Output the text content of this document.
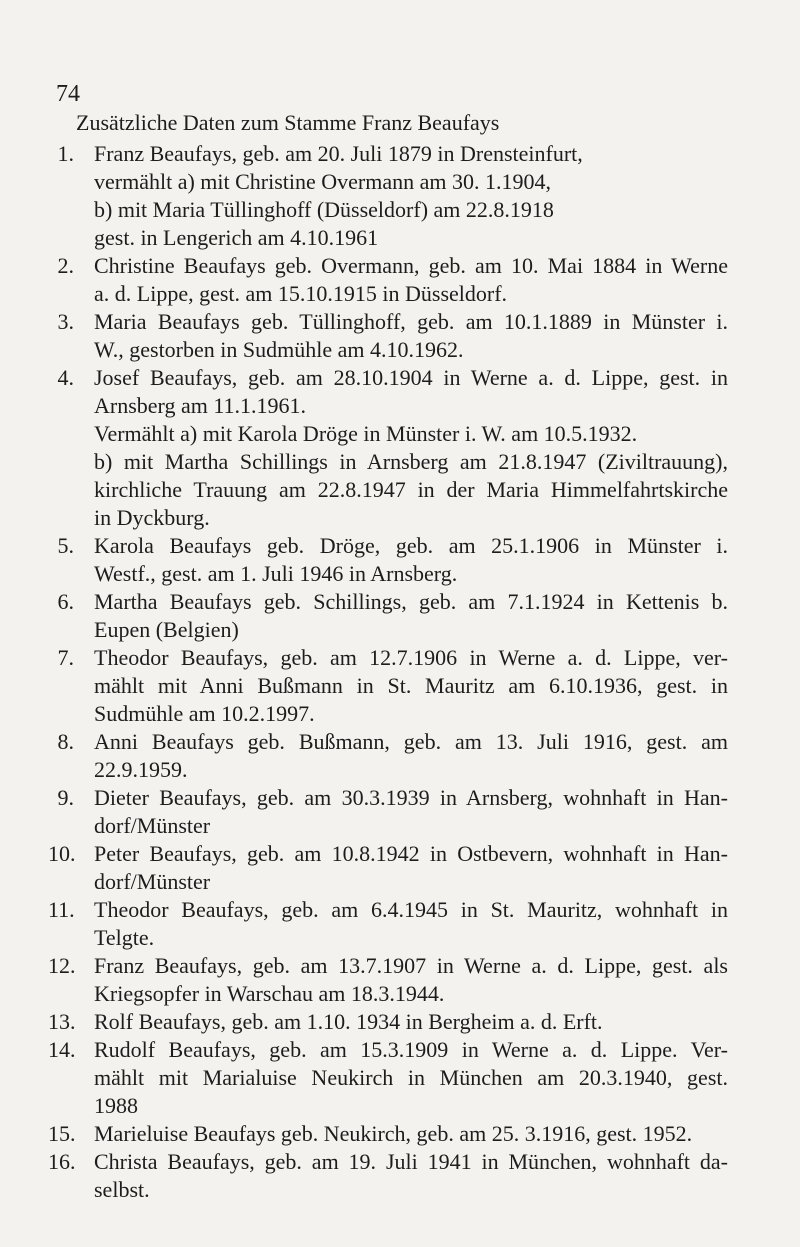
74
Zusätzliche Daten zum Stamme Franz Beaufays
1. Franz Beaufays, geb. am 20. Juli 1879 in Drensteinfurt,
vermählt a) mit Christine Overmann am 30. 1.1904,
b) mit Maria Tüllinghoff (Düsseldorf) am 22.8.1918
gest. in Lengerich am 4.10.1961
2. Christine Beaufays geb. Overmann, geb. am 10. Mai 1884 in Werne
a. d. Lippe, gest. am 15.10.1915 in Düsseldorf.
3. Maria Beaufays geb. Tüllinghoff, geb. am 10.1.1889 in Münster i.
W., gestorben in Sudmühle am 4.10.1962.
4. Josef Beaufays, geb. am 28.10.1904 in Werne a. d. Lippe, gest. in
Arnsberg am 11.1.1961.
Vermählt a) mit Karola Dröge in Münster i. W. am 10.5.1932.
b) mit Martha Schillings in Arnsberg am 21.8.1947 (Ziviltrauung),
kirchliche Trauung am 22.8.1947 in der Maria Himmelfahrtskirche
in Dyckburg.
5. Karola Beaufays geb. Dröge, geb. am 25.1.1906 in Münster i.
Westf., gest. am 1. Juli 1946 in Arnsberg.
6. Martha Beaufays geb. Schillings, geb. am 7.1.1924 in Kettenis b.
Eupen (Belgien)
7. Theodor Beaufays, geb. am 12.7.1906 in Werne a. d. Lippe, ver-
mählt mit Anni Bußmann in St. Mauritz am 6.10.1936, gest. in
Sudmühle am 10.2.1997.
8. Anni Beaufays geb. Bußmann, geb. am 13. Juli 1916, gest. am
22.9.1959.
9. Dieter Beaufays, geb. am 30.3.1939 in Arnsberg, wohnhaft in Han-
dorf/Münster
10. Peter Beaufays, geb. am 10.8.1942 in Ostbevern, wohnhaft in Han-
dorf/Münster
11. Theodor Beaufays, geb. am 6.4.1945 in St. Mauritz, wohnhaft in
Telgte.
12. Franz Beaufays, geb. am 13.7.1907 in Werne a. d. Lippe, gest. als
Kriegsopfer in Warschau am 18.3.1944.
13. Rolf Beaufays, geb. am 1.10. 1934 in Bergheim a. d. Erft.
14. Rudolf Beaufays, geb. am 15.3.1909 in Werne a. d. Lippe. Ver-
mählt mit Marialuise Neukirch in München am 20.3.1940, gest.
1988
15. Marieluise Beaufays geb. Neukirch, geb. am 25. 3.1916, gest. 1952.
16. Christa Beaufays, geb. am 19. Juli 1941 in München, wohnhaft da-
selbst.
